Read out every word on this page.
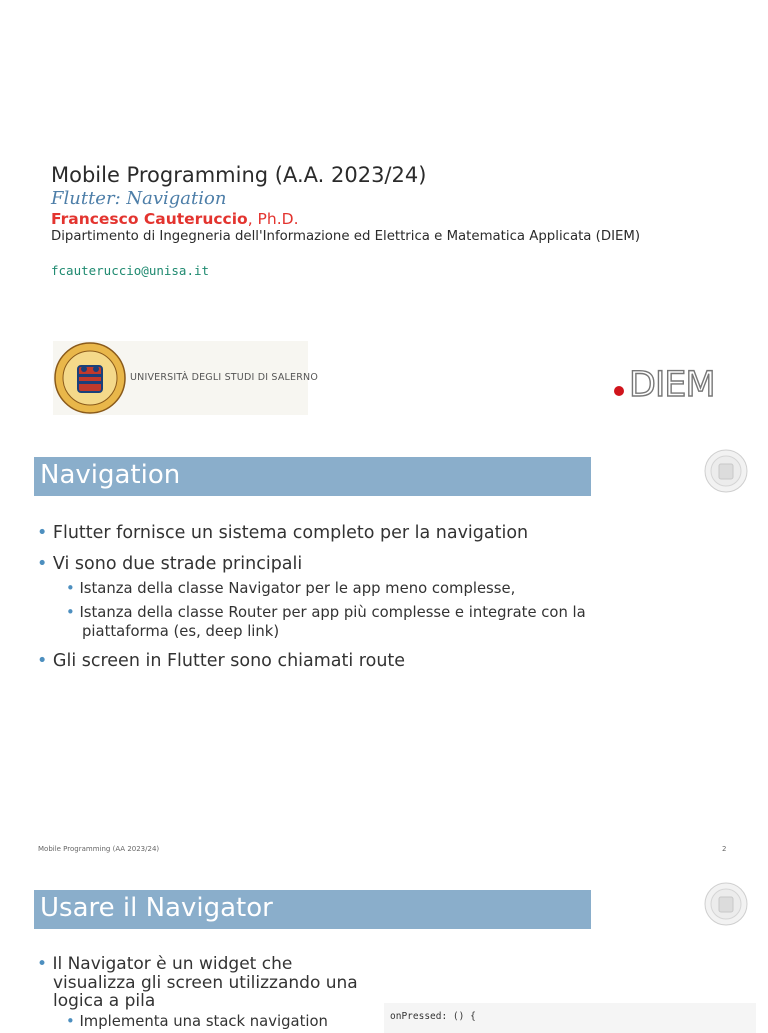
Mobile Programming (A.A. 2023/24)
Flutter: Navigation
Francesco Cauteruccio, Ph.D.
Dipartimento di Ingegneria dell'Informazione ed Elettrica e Matematica Applicata (DIEM)
fcauteruccio@unisa.it
UNIVERSITÀ DEGLI STUDI DI SALERNO	DIEM
Navigation
• Flutter fornisce un sistema completo per la navigation
• Vi sono due strade principali
• Istanza della classe Navigator per le app meno complesse,
• Istanza della classe Router per app più complesse e integrate con la
piattaforma (es, deep link)
• Gli screen in Flutter sono chiamati route
Mobile Programming (AA 2023/24)	2
Usare il Navigator
• Il Navigator è un widget che
visualizza gli screen utilizzando una
logica a pila
• Implementa una stack navigation	onPressed: () {
